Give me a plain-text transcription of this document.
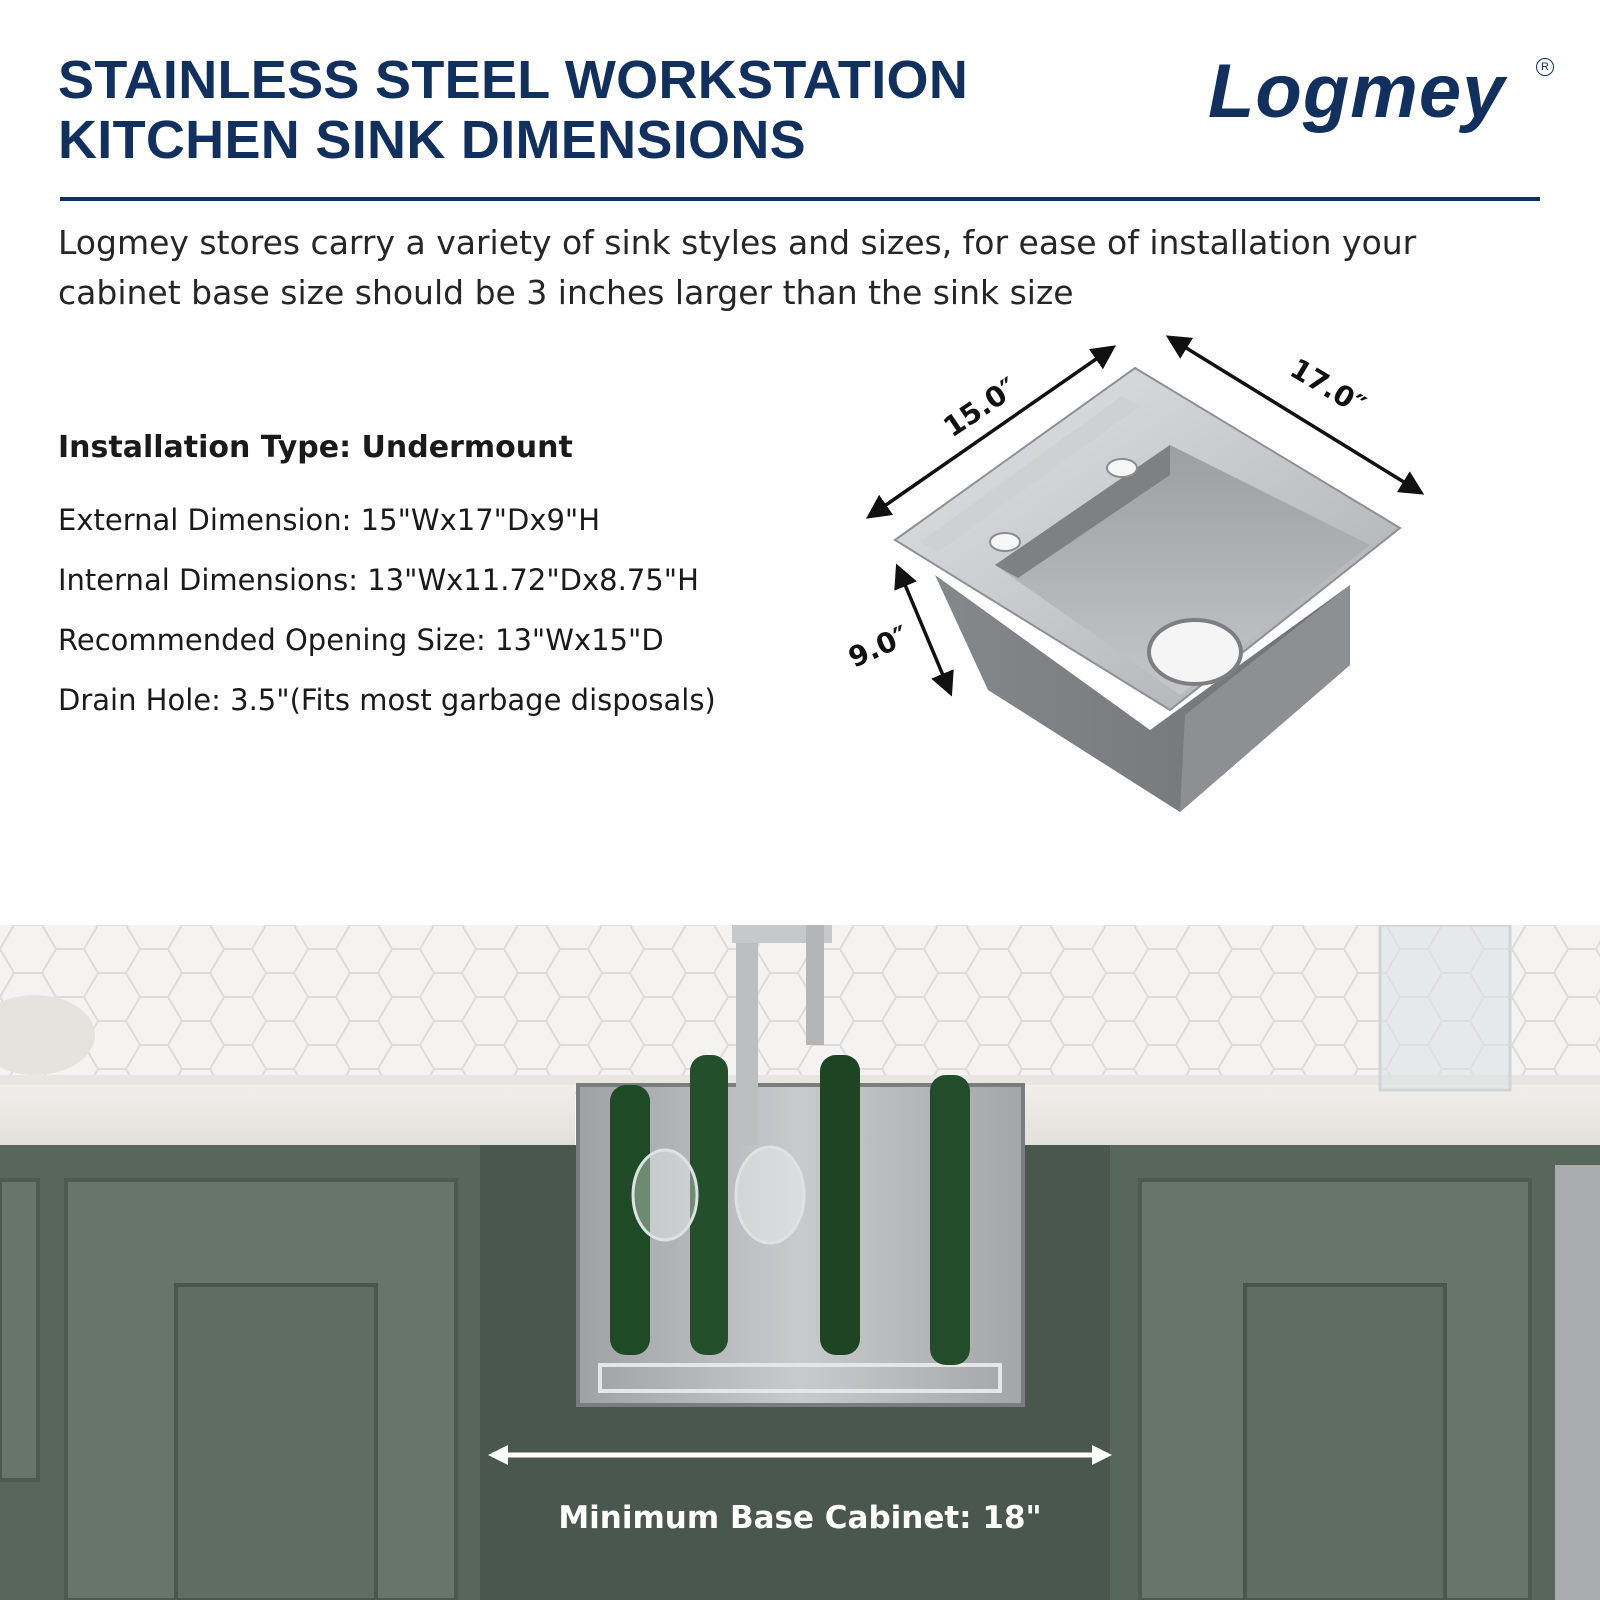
STAINLESS STEEL WORKSTATION
KITCHEN SINK DIMENSIONS
Logmey	R

Logmey stores carry a variety of sink styles and sizes, for ease of installation your
cabinet base size should be 3 inches larger than the sink size

Installation Type: Undermount
External Dimension: 15"Wx17"Dx9"H
Internal Dimensions: 13"Wx11.72"Dx8.75"H
Recommended Opening Size: 13"Wx15"D
Drain Hole: 3.5"(Fits most garbage disposals)
15.0″	17.0″
9.0″
Minimum Base Cabinet: 18"
